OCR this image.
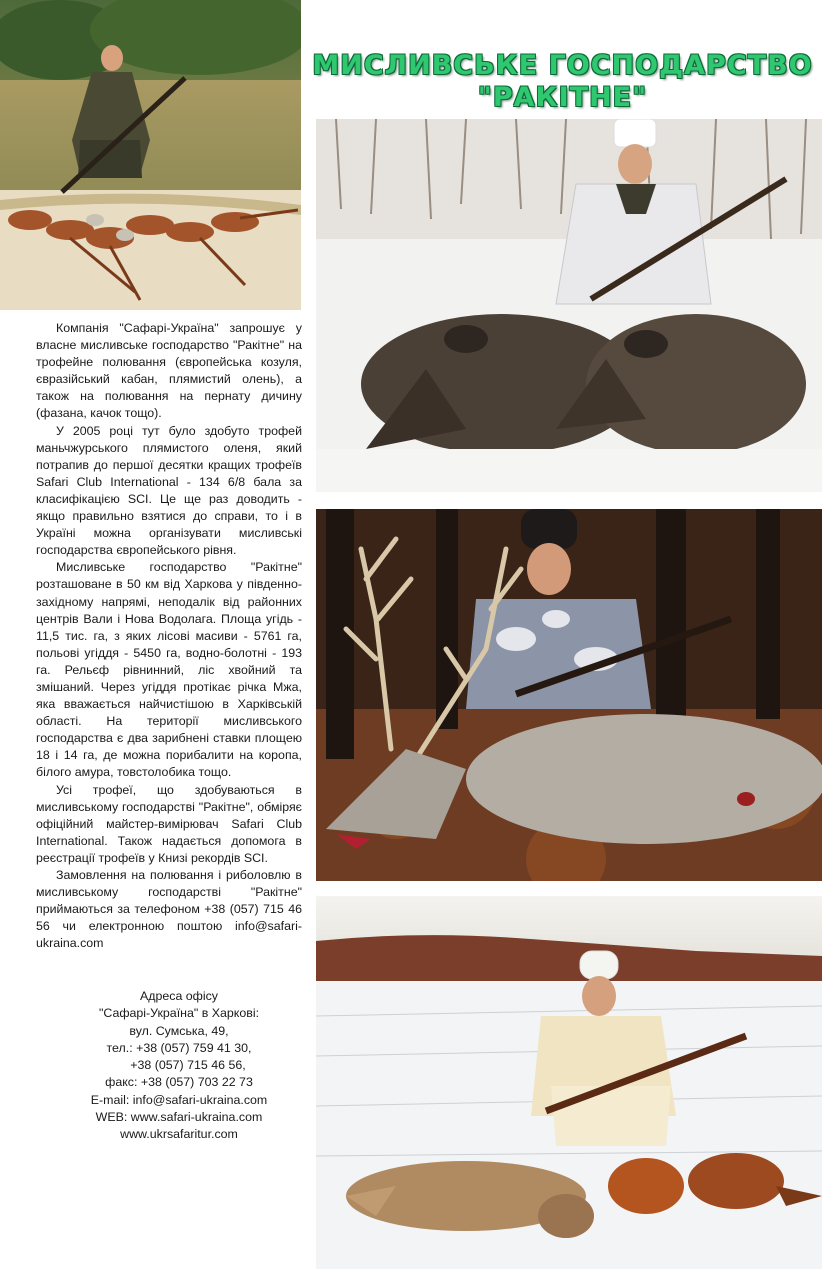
МИСЛИВСЬКЕ ГОСПОДАРСТВО
"РАКІТНЕ"

Компанія "Сафарі-Україна" запрошує у власне мисливське господарство "Ракітне" на трофейне полювання (європейська козуля, євразійський кабан, плямистий олень), а також на полювання на пернату дичину (фазана, качок тощо).

У 2005 році тут було здобуто трофей маньчжурського плямистого оленя, який потрапив до першої десятки кращих трофеїв Safari Club International - 134 6/8 бала за класифікацією SCI. Це ще раз доводить - якщо правильно взятися до справи, то і в Україні можна організувати мисливські господарства європейського рівня.

Мисливське господарство "Ракітне" розташоване в 50 км від Харкова у південно-західному напрямі, неподалік від районних центрів Вали і Нова Водолага. Площа угідь - 11,5 тис. га, з яких лісові масиви - 5761 га, польові угіддя - 5450 га, водно-болотні - 193 га. Рельєф рівнинний, ліс хвойний та змішаний. Через угіддя протікає річка Мжа, яка вважається найчистішою в Харківській області. На території мисливського господарства є два зарибнені ставки площею 18 і 14 га, де можна порибалити на коропа, білого амура, товстолобика тощо.

Усі трофеї, що здобуваються в мисливському господарстві "Ракітне", обміряє офіційний майстер-вимірювач Safari Club International. Також надається допомога в реєстрації трофеїв у Книзі рекордів SCI.

Замовлення на полювання і риболовлю в мисливському господарстві "Ракітне" приймаються за телефоном +38 (057) 715 46 56 чи електронною поштою info@safari-ukraina.com

Адреса офісу
"Сафарі-Україна" в Харкові:
вул. Сумська, 49,
тел.: +38 (057) 759 41 30,
+38 (057) 715 46 56,
факс: +38 (057) 703 22 73
E-mail: info@safari-ukraina.com
WEB: www.safari-ukraina.com
www.ukrsafaritur.com
